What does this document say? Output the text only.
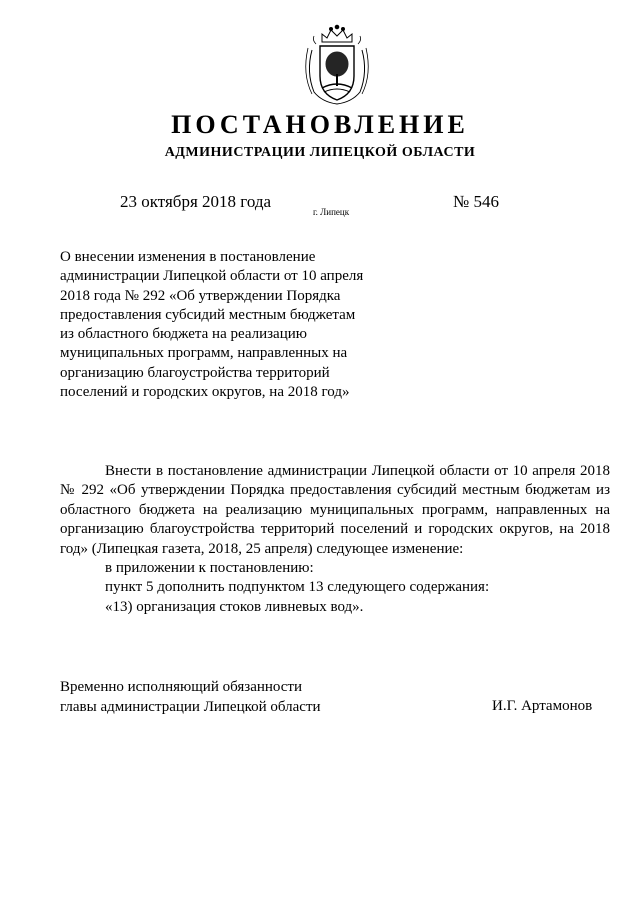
ПОСТАНОВЛЕНИЕ
АДМИНИСТРАЦИИ ЛИПЕЦКОЙ ОБЛАСТИ
23 октября 2018 года
г. Липецк
№ 546
О внесении изменения в постановление
администрации Липецкой области от 10 апреля
2018 года № 292 «Об утверждении Порядка
предоставления субсидий местным бюджетам
из областного бюджета на реализацию
муниципальных программ, направленных на
организацию благоустройства территорий
поселений и городских округов, на 2018 год»
Внести в постановление администрации Липецкой области от 10 апреля 2018
№ 292 «Об утверждении Порядка предоставления субсидий местным бюджетам из
областного бюджета на реализацию муниципальных программ, направленных на
организацию благоустройства территорий поселений и городских округов, на 2018
год» (Липецкая газета, 2018, 25 апреля) следующее изменение:
в приложении к постановлению:
пункт 5 дополнить подпунктом 13 следующего содержания:
«13) организация стоков ливневых вод».
Временно исполняющий обязанности
главы администрации Липецкой области	И.Г. Артамонов
